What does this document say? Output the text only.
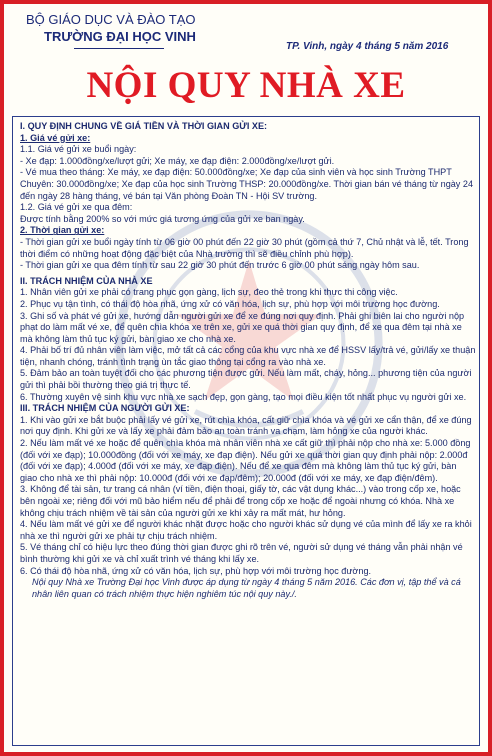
BỘ GIÁO DỤC VÀ ĐÀO TẠO
TRƯỜNG ĐẠI HỌC VINH
TP. Vinh, ngày 4 tháng 5 năm 2016
NỘI QUY NHÀ XE

I. QUY ĐỊNH CHUNG VỀ GIÁ TIỀN VÀ THỜI GIAN GỬI XE:

1. Giá vé gửi xe:

1.1. Giá vé gửi xe buổi ngày:

- Xe đạp: 1.000đồng/xe/lượt gửi; Xe máy, xe đạp điện: 2.000đồng/xe/lượt gửi.

- Vé mua theo tháng: Xe máy, xe đạp điện: 50.000đồng/xe; Xe đạp của sinh viên và học sinh Trường THPT Chuyên: 30.000đồng/xe; Xe đạp của học sinh Trường THSP: 20.000đồng/xe. Thời gian bán vé tháng từ ngày 24 đến ngày 28 hàng tháng, vé bán tại Văn phòng Đoàn TN - Hội SV trường.

1.2. Giá vé gửi xe qua đêm:

Được tính bằng 200% so với mức giá tương ứng của gửi xe ban ngày.

2. Thời gian gửi xe:

- Thời gian gửi xe buổi ngày tính từ 06 giờ 00 phút đến 22 giờ 30 phút (gồm cả thứ 7, Chủ nhật và lễ, tết. Trong thời điểm có những hoạt động đặc biệt của Nhà trường thì sẽ điều chỉnh phù hợp).

- Thời gian gửi xe qua đêm tính từ sau 22 giờ 30 phút đến trước 6 giờ 00 phút sáng ngày hôm sau.

II. TRÁCH NHIỆM CỦA NHÀ XE

1. Nhân viên gửi xe phải có trang phục gọn gàng, lịch sự, đeo thẻ trong khi thực thi công việc.

2. Phục vụ tận tình, có thái độ hòa nhã, ứng xử có văn hóa, lịch sự, phù hợp với môi trường học đường.

3. Ghi số và phát vé gửi xe, hướng dẫn người gửi xe để xe đúng nơi quy định. Phải ghi biên lai cho người nộp phạt do làm mất vé xe, để quên chìa khóa xe trên xe, gửi xe quá thời gian quy định, để xe qua đêm tại nhà xe mà không làm thủ tục ký gửi, bàn giao xe cho nhà xe.

4. Phải bố trí đủ nhân viên làm việc, mở tất cả các cổng của khu vực nhà xe để HSSV lấy/trả vé, gửi/lấy xe thuận tiện, nhanh chóng, tránh tình trạng ùn tắc giao thông tại cổng ra vào nhà xe.

5. Đảm bảo an toàn tuyệt đối cho các phương tiện được gửi. Nếu làm mất, cháy, hỏng... phương tiện của người gửi thì phải bồi thường theo giá trị thực tế.

6. Thường xuyên vệ sinh khu vực nhà xe sạch đẹp, gọn gàng, tạo mọi điều kiện tốt nhất phục vụ người gửi xe.

III. TRÁCH NHIỆM CỦA NGƯỜI GỬI XE:

1. Khi vào gửi xe bắt buộc phải lấy vé gửi xe, rút chìa khóa, cất giữ chìa khóa và vé gửi xe cẩn thận, để xe đúng nơi quy định. Khi gửi xe và lấy xe phải đảm bảo an toàn tránh va chạm, làm hỏng xe của người khác.

2. Nếu làm mất vé xe hoặc để quên chìa khóa mà nhân viên nhà xe cất giữ thì phải nộp cho nhà xe: 5.000 đồng (đối với xe đạp); 10.000đồng (đối với xe máy, xe đạp điện). Nếu gửi xe quá thời gian quy định phải nộp: 2.000đ (đối với xe đạp); 4.000đ (đối với xe máy, xe đạp điện). Nếu để xe qua đêm mà không làm thủ tục ký gửi, bàn giao cho nhà xe thì phải nộp: 10.000đ (đối với xe đạp/đêm); 20.000đ (đối với xe máy, xe đạp điện/đêm).

3. Không để tài sản, tư trang cá nhân (ví tiền, điện thoại, giấy tờ, các vật dụng khác...) vào trong cốp xe, hoặc bên ngoài xe; riêng đối với mũ bảo hiểm nếu để phải để trong cốp xe hoặc để ngoài nhưng có khóa. Nhà xe không chịu trách nhiệm về tài sản của người gửi xe khi xảy ra mất mát, hư hỏng.

4. Nếu làm mất vé gửi xe để người khác nhặt được hoặc cho người khác sử dụng vé của mình để lấy xe ra khỏi nhà xe thì người gửi xe phải tự chịu trách nhiệm.

5. Vé tháng chỉ có hiệu lực theo đúng thời gian được ghi rõ trên vé, người sử dụng vé tháng vẫn phải nhận vé bình thường khi gửi xe và chỉ xuất trình vé tháng khi lấy xe.

6. Có thái độ hòa nhã, ứng xử có văn hóa, lịch sự, phù hợp với môi trường học đường.

Nội quy Nhà xe Trường Đại học Vinh được áp dụng từ ngày 4 tháng 5 năm 2016. Các đơn vị, tập thể và cá nhân liên quan có trách nhiệm thực hiện nghiêm túc nội quy này./.
